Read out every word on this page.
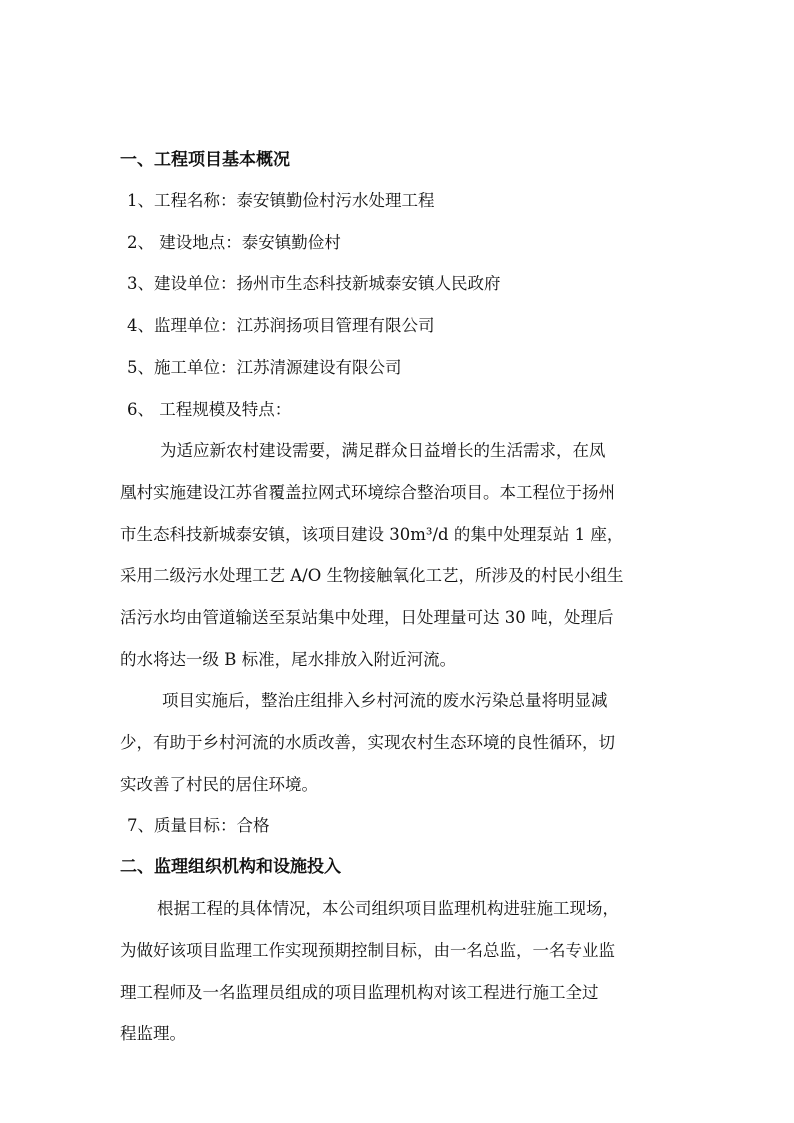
一、工程项目基本概况
1、工程名称：泰安镇勤俭村污水处理工程
2、 建设地点：泰安镇勤俭村
3、建设单位：扬州市生态科技新城泰安镇人民政府
4、监理单位：江苏润扬项目管理有限公司
5、施工单位：江苏清源建设有限公司
6、 工程规模及特点：
为适应新农村建设需要，满足群众日益增长的生活需求，在凤
凰村实施建设江苏省覆盖拉网式环境综合整治项目。本工程位于扬州
市生态科技新城泰安镇，该项目建设 30m³/d 的集中处理泵站 1 座，
采用二级污水处理工艺 A/O 生物接触氧化工艺，所涉及的村民小组生
活污水均由管道输送至泵站集中处理，日处理量可达 30 吨，处理后
的水将达一级 B 标准，尾水排放入附近河流。
项目实施后，整治庄组排入乡村河流的废水污染总量将明显减
少，有助于乡村河流的水质改善，实现农村生态环境的良性循环，切
实改善了村民的居住环境。
7、质量目标：合格
二、监理组织机构和设施投入
根据工程的具体情况，本公司组织项目监理机构进驻施工现场，
为做好该项目监理工作实现预期控制目标，由一名总监，一名专业监
理工程师及一名监理员组成的项目监理机构对该工程进行施工全过
程监理。
